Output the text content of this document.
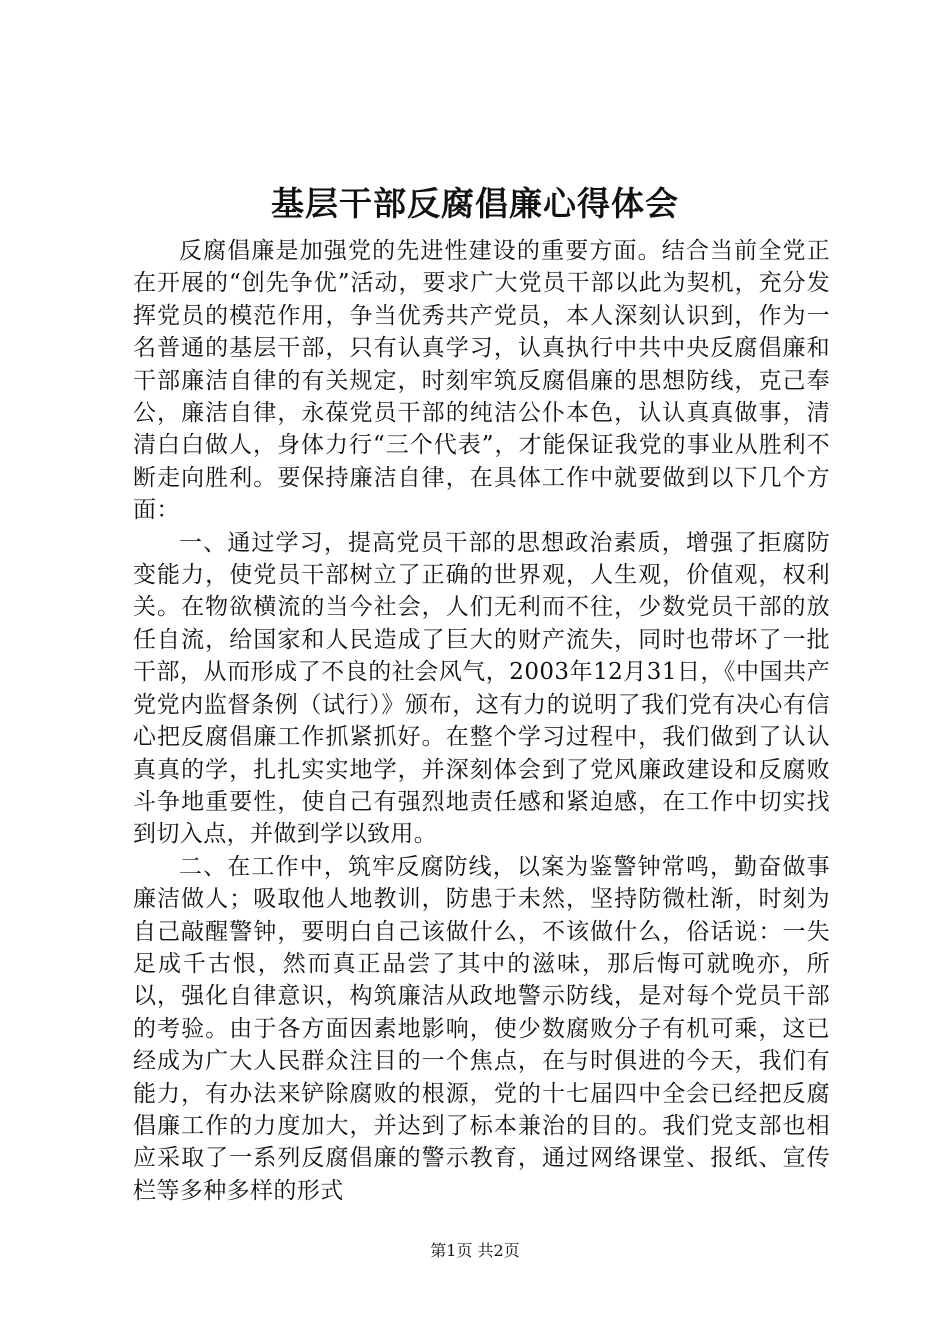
基层干部反腐倡廉心得体会

反腐倡廉是加强党的先进性建设的重要方面。结合当前全党正在开展的“创先争优”活动，要求广大党员干部以此为契机，充分发挥党员的模范作用，争当优秀共产党员，本人深刻认识到，作为一名普通的基层干部，只有认真学习，认真执行中共中央反腐倡廉和干部廉洁自律的有关规定，时刻牢筑反腐倡廉的思想防线，克己奉公，廉洁自律，永葆党员干部的纯洁公仆本色，认认真真做事，清清白白做人，身体力行“三个代表”，才能保证我党的事业从胜利不断走向胜利。要保持廉洁自律，在具体工作中就要做到以下几个方面：

一、通过学习，提高党员干部的思想政治素质，增强了拒腐防变能力，使党员干部树立了正确的世界观，人生观，价值观，权利关。在物欲横流的当今社会，人们无利而不往，少数党员干部的放任自流，给国家和人民造成了巨大的财产流失，同时也带坏了一批干部，从而形成了不良的社会风气，2003年12月31日，《中国共产党党内监督条例（试行）》颁布，这有力的说明了我们党有决心有信心把反腐倡廉工作抓紧抓好。在整个学习过程中，我们做到了认认真真的学，扎扎实实地学，并深刻体会到了党风廉政建设和反腐败斗争地重要性，使自己有强烈地责任感和紧迫感，在工作中切实找到切入点，并做到学以致用。

二、在工作中，筑牢反腐防线，以案为鉴警钟常鸣，勤奋做事廉洁做人；吸取他人地教训，防患于未然，坚持防微杜渐，时刻为自己敲醒警钟，要明白自己该做什么，不该做什么，俗话说：一失足成千古恨，然而真正品尝了其中的滋味，那后悔可就晚亦，所以，强化自律意识，构筑廉洁从政地警示防线，是对每个党员干部的考验。由于各方面因素地影响，使少数腐败分子有机可乘，这已经成为广大人民群众注目的一个焦点，在与时俱进的今天，我们有能力，有办法来铲除腐败的根源，党的十七届四中全会已经把反腐倡廉工作的力度加大，并达到了标本兼治的目的。我们党支部也相应采取了一系列反腐倡廉的警示教育，通过网络课堂、报纸、宣传栏等多种多样的形式

第1页 共2页
